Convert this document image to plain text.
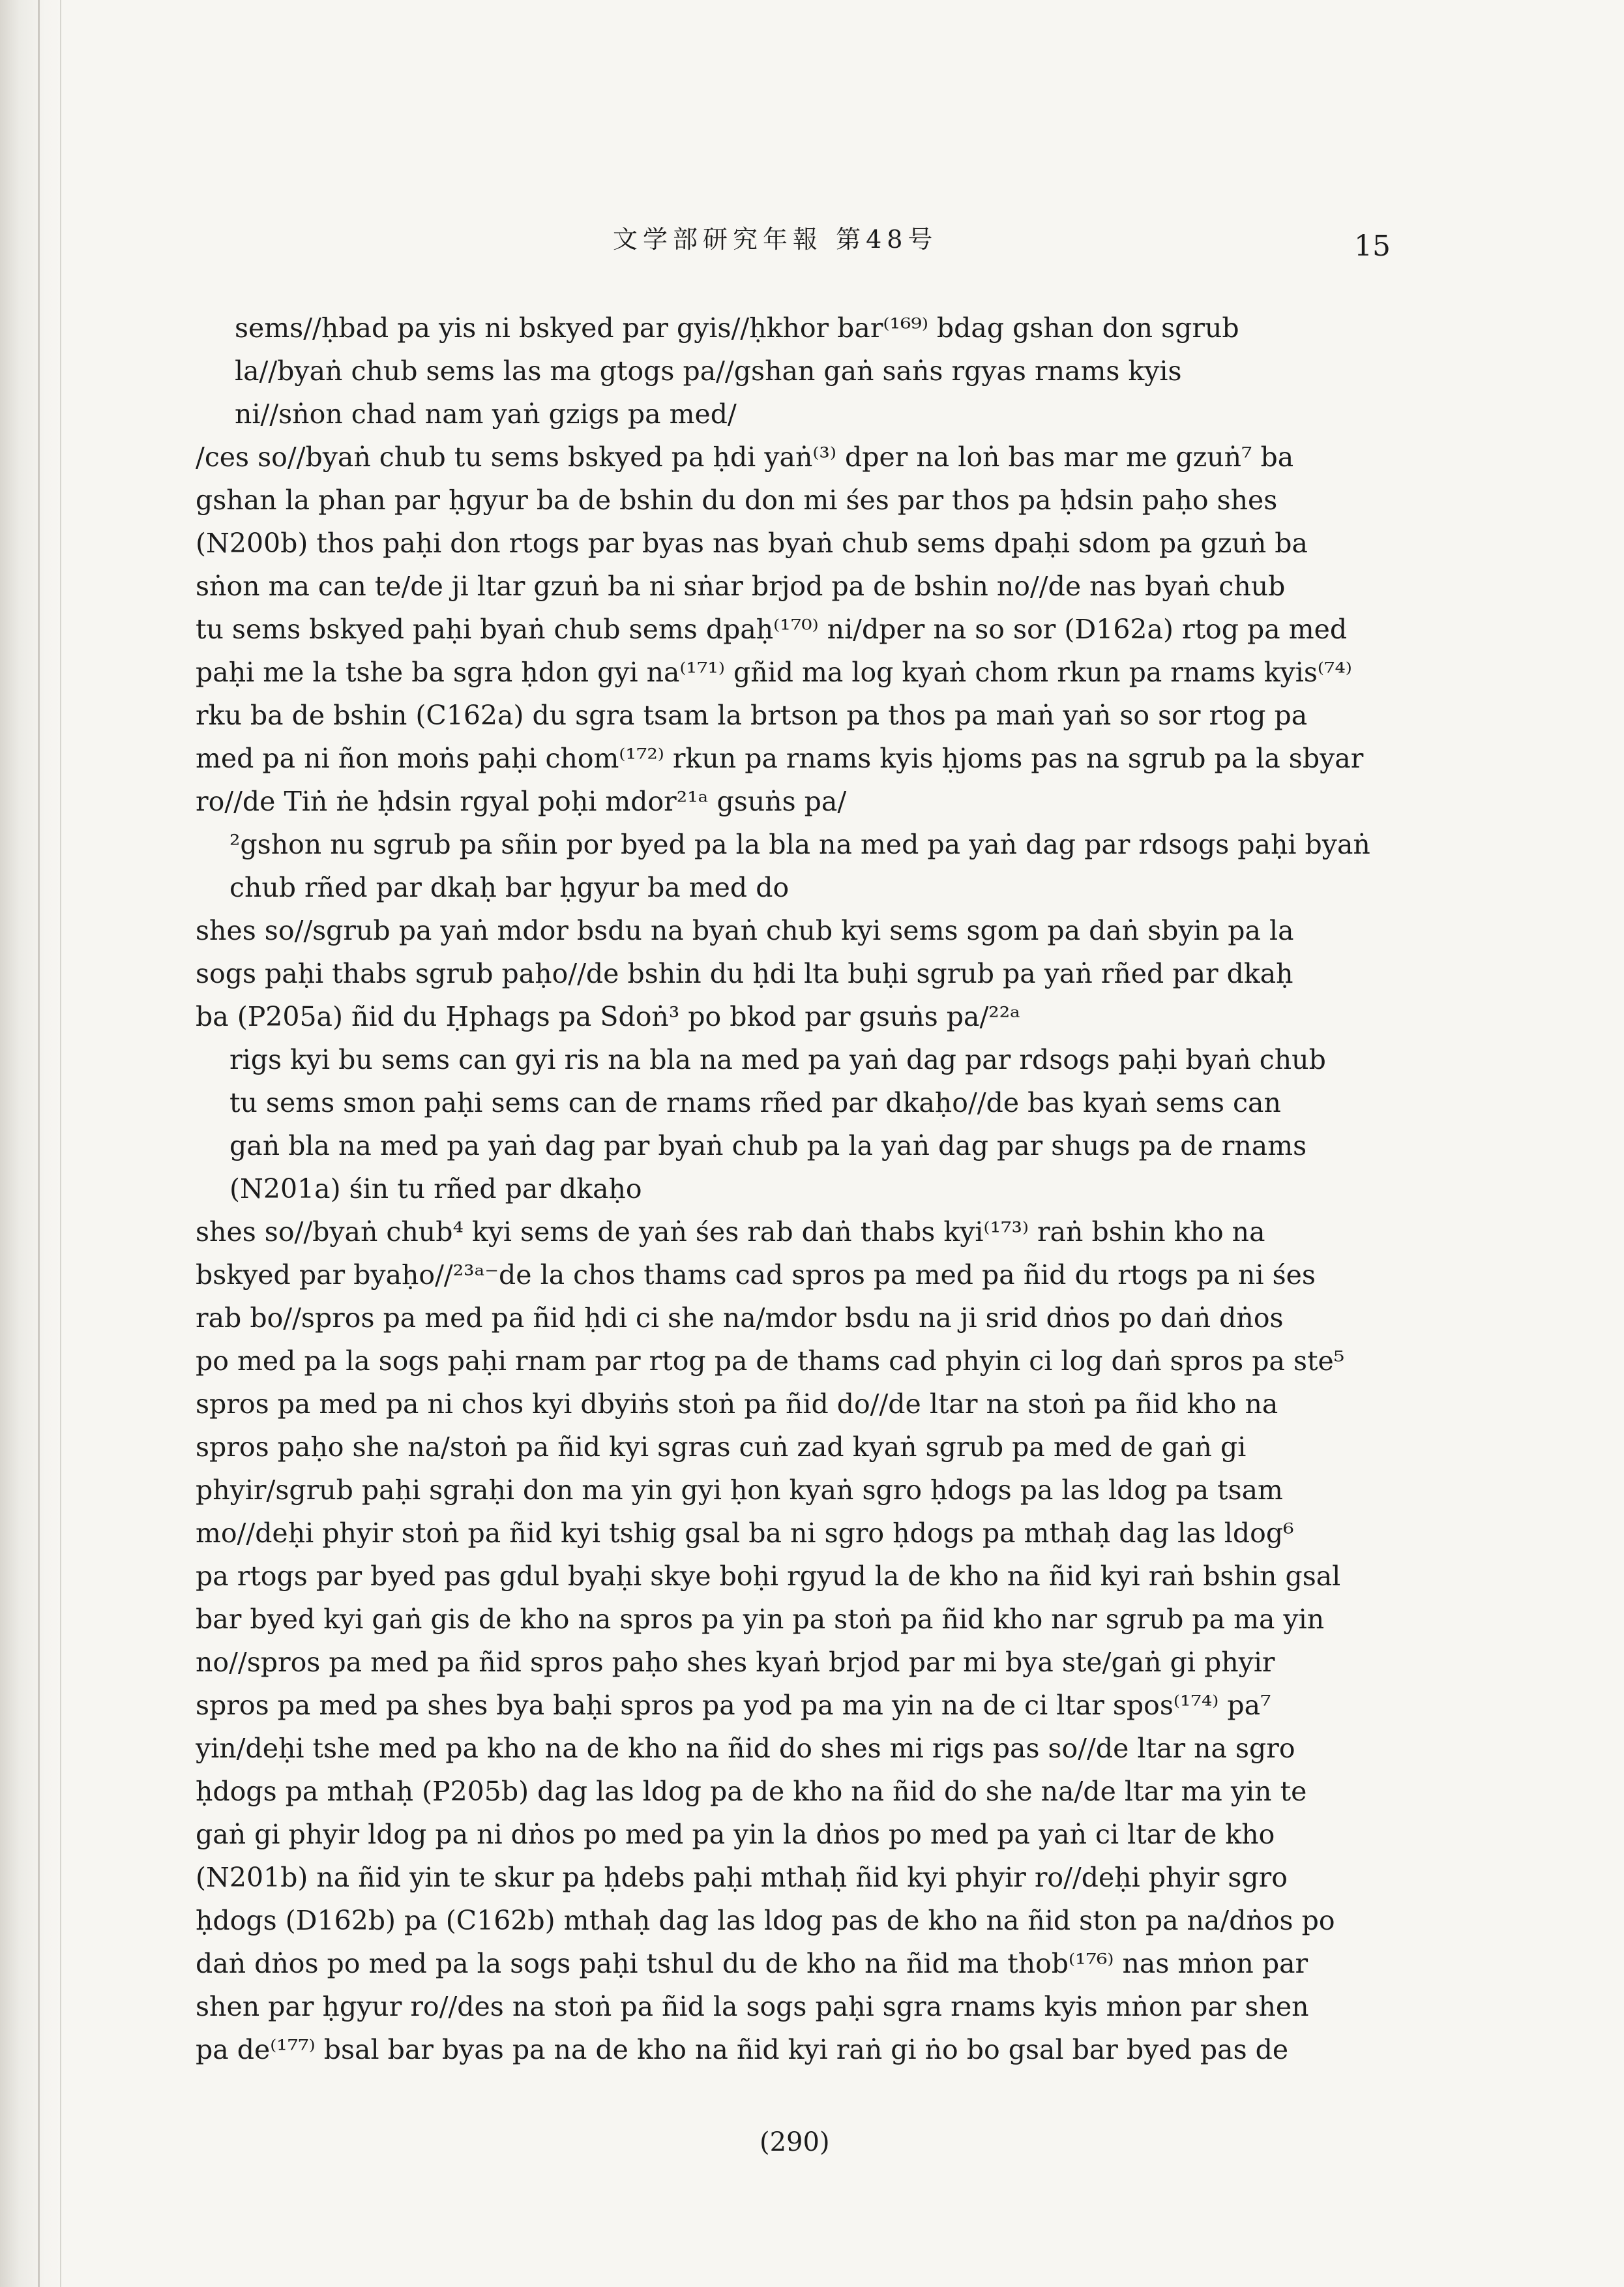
文学部研究年報 第48号	15
sems//ḥbad pa yis ni bskyed par gyis//ḥkhor bar⁽¹⁶⁹⁾ bdag gshan don sgrub
la//byaṅ chub sems las ma gtogs pa//gshan gaṅ saṅs rgyas rnams kyis
ni//sṅon chad nam yaṅ gzigs pa med/
/ces so//byaṅ chub tu sems bskyed pa ḥdi yaṅ⁽³⁾ dper na loṅ bas mar me gzuṅ⁷ ba
gshan la phan par ḥgyur ba de bshin du don mi śes par thos pa ḥdsin paḥo shes
(N200b) thos paḥi don rtogs par byas nas byaṅ chub sems dpaḥi sdom pa gzuṅ ba
sṅon ma can te/de ji ltar gzuṅ ba ni sṅar brjod pa de bshin no//de nas byaṅ chub
tu sems bskyed paḥi byaṅ chub sems dpaḥ⁽¹⁷⁰⁾ ni/dper na so sor (D162a) rtog pa med
paḥi me la tshe ba sgra ḥdon gyi na⁽¹⁷¹⁾ gñid ma log kyaṅ chom rkun pa rnams kyis⁽⁷⁴⁾
rku ba de bshin (C162a) du sgra tsam la brtson pa thos pa maṅ yaṅ so sor rtog pa
med pa ni ñon moṅs paḥi chom⁽¹⁷²⁾ rkun pa rnams kyis ḥjoms pas na sgrub pa la sbyar
ro//de Tiṅ ṅe ḥdsin rgyal poḥi mdor²¹ᵃ gsuṅs pa/
²gshon nu sgrub pa sñin por byed pa la bla na med pa yaṅ dag par rdsogs paḥi byaṅ
chub rñed par dkaḥ bar ḥgyur ba med do
shes so//sgrub pa yaṅ mdor bsdu na byaṅ chub kyi sems sgom pa daṅ sbyin pa la
sogs paḥi thabs sgrub paḥo//de bshin du ḥdi lta buḥi sgrub pa yaṅ rñed par dkaḥ
ba (P205a) ñid du Ḥphags pa Sdoṅ³ po bkod par gsuṅs pa/²²ᵃ
rigs kyi bu sems can gyi ris na bla na med pa yaṅ dag par rdsogs paḥi byaṅ chub
tu sems smon paḥi sems can de rnams rñed par dkaḥo//de bas kyaṅ sems can
gaṅ bla na med pa yaṅ dag par byaṅ chub pa la yaṅ dag par shugs pa de rnams
(N201a) śin tu rñed par dkaḥo
shes so//byaṅ chub⁴ kyi sems de yaṅ śes rab daṅ thabs kyi⁽¹⁷³⁾ raṅ bshin kho na
bskyed par byaḥo//²³ᵃ⁻de la chos thams cad spros pa med pa ñid du rtogs pa ni śes
rab bo//spros pa med pa ñid ḥdi ci she na/mdor bsdu na ji srid dṅos po daṅ dṅos
po med pa la sogs paḥi rnam par rtog pa de thams cad phyin ci log daṅ spros pa ste⁵
spros pa med pa ni chos kyi dbyiṅs stoṅ pa ñid do//de ltar na stoṅ pa ñid kho na
spros paḥo she na/stoṅ pa ñid kyi sgras cuṅ zad kyaṅ sgrub pa med de gaṅ gi
phyir/sgrub paḥi sgraḥi don ma yin gyi ḥon kyaṅ sgro ḥdogs pa las ldog pa tsam
mo//deḥi phyir stoṅ pa ñid kyi tshig gsal ba ni sgro ḥdogs pa mthaḥ dag las ldog⁶
pa rtogs par byed pas gdul byaḥi skye boḥi rgyud la de kho na ñid kyi raṅ bshin gsal
bar byed kyi gaṅ gis de kho na spros pa yin pa stoṅ pa ñid kho nar sgrub pa ma yin
no//spros pa med pa ñid spros paḥo shes kyaṅ brjod par mi bya ste/gaṅ gi phyir
spros pa med pa shes bya baḥi spros pa yod pa ma yin na de ci ltar spos⁽¹⁷⁴⁾ pa⁷
yin/deḥi tshe med pa kho na de kho na ñid do shes mi rigs pas so//de ltar na sgro
ḥdogs pa mthaḥ (P205b) dag las ldog pa de kho na ñid do she na/de ltar ma yin te
gaṅ gi phyir ldog pa ni dṅos po med pa yin la dṅos po med pa yaṅ ci ltar de kho
(N201b) na ñid yin te skur pa ḥdebs paḥi mthaḥ ñid kyi phyir ro//deḥi phyir sgro
ḥdogs (D162b) pa (C162b) mthaḥ dag las ldog pas de kho na ñid ston pa na/dṅos po
daṅ dṅos po med pa la sogs paḥi tshul du de kho na ñid ma thob⁽¹⁷⁶⁾ nas mṅon par
shen par ḥgyur ro//des na stoṅ pa ñid la sogs paḥi sgra rnams kyis mṅon par shen
pa de⁽¹⁷⁷⁾ bsal bar byas pa na de kho na ñid kyi raṅ gi ṅo bo gsal bar byed pas de
(290)
